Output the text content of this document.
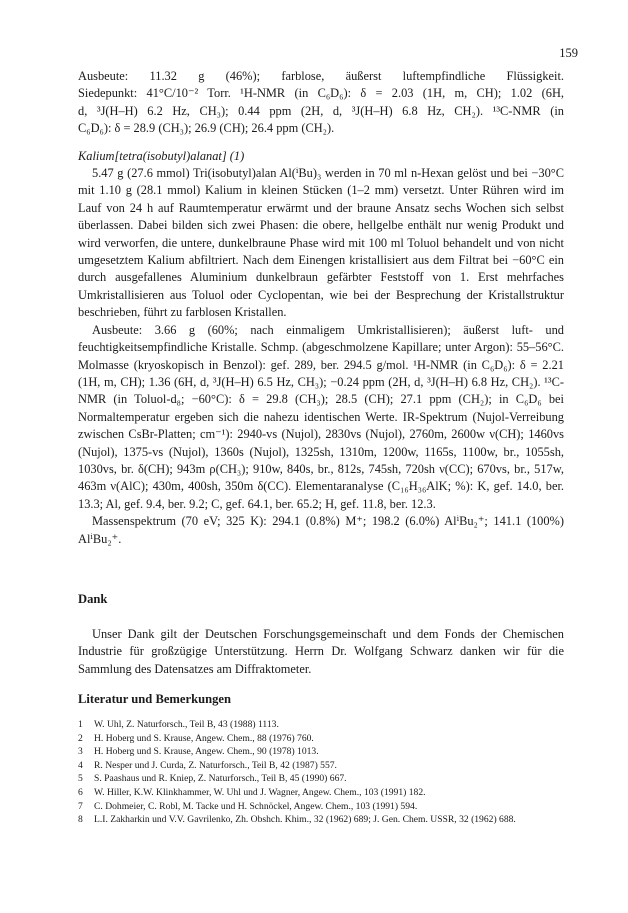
159

Ausbeute: 11.32 g (46%); farblose, äußerst luftempfindliche Flüssigkeit.

Siedepunkt: 41°C/10⁻² Torr. ¹H-NMR (in C₆D₆): δ = 2.03 (1H, m, CH); 1.02 (6H,

d, ³J(H–H) 6.2 Hz, CH₃); 0.44 ppm (2H, d, ³J(H–H) 6.8 Hz, CH₂). ¹³C-NMR (in

C₆D₆): δ = 28.9 (CH₃); 26.9 (CH); 26.4 ppm (CH₂).

Kalium[tetra(isobutyl)alanat] (1)

5.47 g (27.6 mmol) Tri(isobutyl)alan Al(ⁱBu)₃ werden in 70 ml n-Hexan gelöst und bei −30°C mit 1.10 g (28.1 mmol) Kalium in kleinen Stücken (1–2 mm) versetzt. Unter Rühren wird im Lauf von 24 h auf Raumtemperatur erwärmt und der braune Ansatz sechs Wochen sich selbst überlassen. Dabei bilden sich zwei Phasen: die obere, hellgelbe enthält nur wenig Produkt und wird verworfen, die untere, dunkelbraune Phase wird mit 100 ml Toluol behandelt und von nicht umgesetztem Kalium abfiltriert. Nach dem Einengen kristallisiert aus dem Filtrat bei −60°C ein durch ausgefallenes Aluminium dunkelbraun gefärbter Feststoff von 1. Erst mehrfaches Umkristallisieren aus Toluol oder Cyclopentan, wie bei der Besprechung der Kristallstruktur beschrieben, führt zu farblosen Kristallen.

Ausbeute: 3.66 g (60%; nach einmaligem Umkristallisieren); äußerst luft- und feuchtigkeitsempfindliche Kristalle. Schmp. (abgeschmolzene Kapillare; unter Argon): 55–56°C. Molmasse (kryoskopisch in Benzol): gef. 289, ber. 294.5 g/mol. ¹H-NMR (in C₆D₆): δ = 2.21 (1H, m, CH); 1.36 (6H, d, ³J(H–H) 6.5 Hz, CH₃); −0.24 ppm (2H, d, ³J(H–H) 6.8 Hz, CH₂). ¹³C-NMR (in Toluol-d₈; −60°C): δ = 29.8 (CH₃); 28.5 (CH); 27.1 ppm (CH₂); in C₆D₆ bei Normaltemperatur ergeben sich die nahezu identischen Werte. IR-Spektrum (Nujol-Verreibung zwischen CsBr-Platten; cm⁻¹): 2940-vs (Nujol), 2830vs (Nujol), 2760m, 2600w ν(CH); 1460vs (Nujol), 1375-vs (Nujol), 1360s (Nujol), 1325sh, 1310m, 1200w, 1165s, 1100w, br., 1055sh, 1030vs, br. δ(CH); 943m ρ(CH₃); 910w, 840s, br., 812s, 745sh, 720sh ν(CC); 670vs, br., 517w, 463m ν(AlC); 430m, 400sh, 350m δ(CC). Elementaranalyse (C₁₆H₃₆AlK; %): K, gef. 14.0, ber. 13.3; Al, gef. 9.4, ber. 9.2; C, gef. 64.1, ber. 65.2; H, gef. 11.8, ber. 12.3.

Massenspektrum (70 eV; 325 K): 294.1 (0.8%) M⁺; 198.2 (6.0%) AlⁱBu₂⁺; 141.1 (100%) AlⁱBu₂⁺.

Dank

Unser Dank gilt der Deutschen Forschungsgemeinschaft und dem Fonds der Chemischen Industrie für großzügige Unterstützung. Herrn Dr. Wolfgang Schwarz danken wir für die Sammlung des Datensatzes am Diffraktometer.

Literatur und Bemerkungen
1	W. Uhl, Z. Naturforsch., Teil B, 43 (1988) 1113.
2	H. Hoberg und S. Krause, Angew. Chem., 88 (1976) 760.
3	H. Hoberg und S. Krause, Angew. Chem., 90 (1978) 1013.
4	R. Nesper und J. Curda, Z. Naturforsch., Teil B, 42 (1987) 557.
5	S. Paashaus und R. Kniep, Z. Naturforsch., Teil B, 45 (1990) 667.
6	W. Hiller, K.W. Klinkhammer, W. Uhl und J. Wagner, Angew. Chem., 103 (1991) 182.
7	C. Dohmeier, C. Robl, M. Tacke und H. Schnöckel, Angew. Chem., 103 (1991) 594.
8	L.I. Zakharkin und V.V. Gavrilenko, Zh. Obshch. Khim., 32 (1962) 689; J. Gen. Chem. USSR, 32 (1962) 688.
